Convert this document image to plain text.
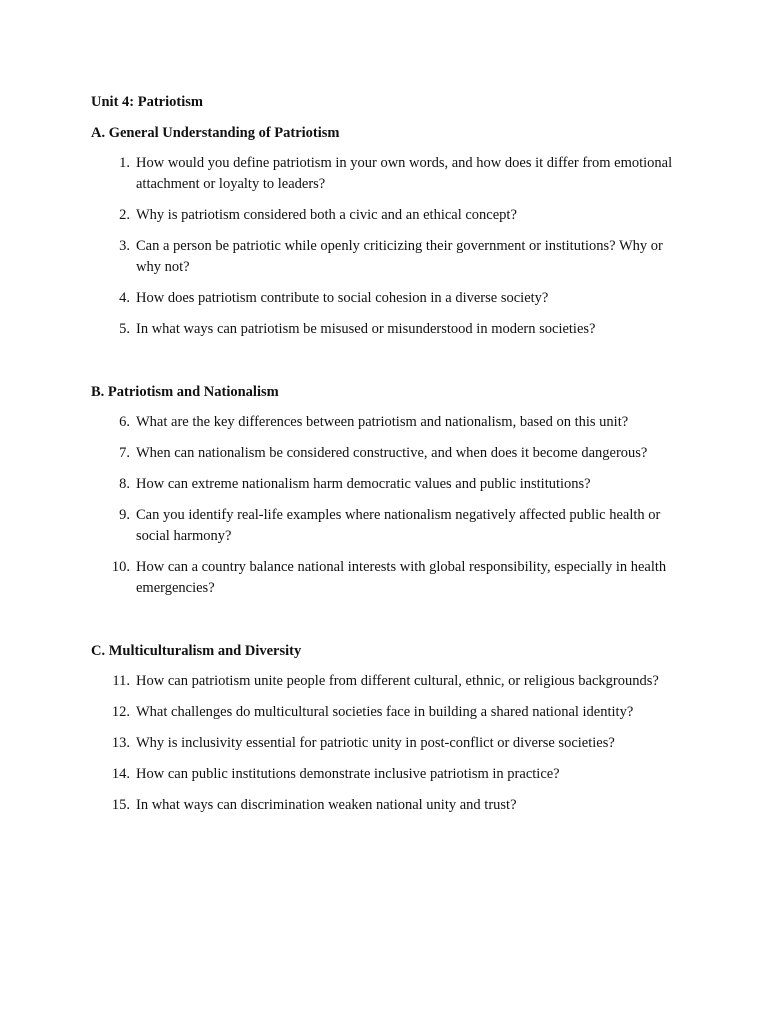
Unit 4: Patriotism
A. General Understanding of Patriotism
1. How would you define patriotism in your own words, and how does it differ from emotional attachment or loyalty to leaders?
2. Why is patriotism considered both a civic and an ethical concept?
3. Can a person be patriotic while openly criticizing their government or institutions? Why or why not?
4. How does patriotism contribute to social cohesion in a diverse society?
5. In what ways can patriotism be misused or misunderstood in modern societies?
B. Patriotism and Nationalism
6. What are the key differences between patriotism and nationalism, based on this unit?
7. When can nationalism be considered constructive, and when does it become dangerous?
8. How can extreme nationalism harm democratic values and public institutions?
9. Can you identify real-life examples where nationalism negatively affected public health or social harmony?
10. How can a country balance national interests with global responsibility, especially in health emergencies?
C. Multiculturalism and Diversity
11. How can patriotism unite people from different cultural, ethnic, or religious backgrounds?
12. What challenges do multicultural societies face in building a shared national identity?
13. Why is inclusivity essential for patriotic unity in post-conflict or diverse societies?
14. How can public institutions demonstrate inclusive patriotism in practice?
15. In what ways can discrimination weaken national unity and trust?
